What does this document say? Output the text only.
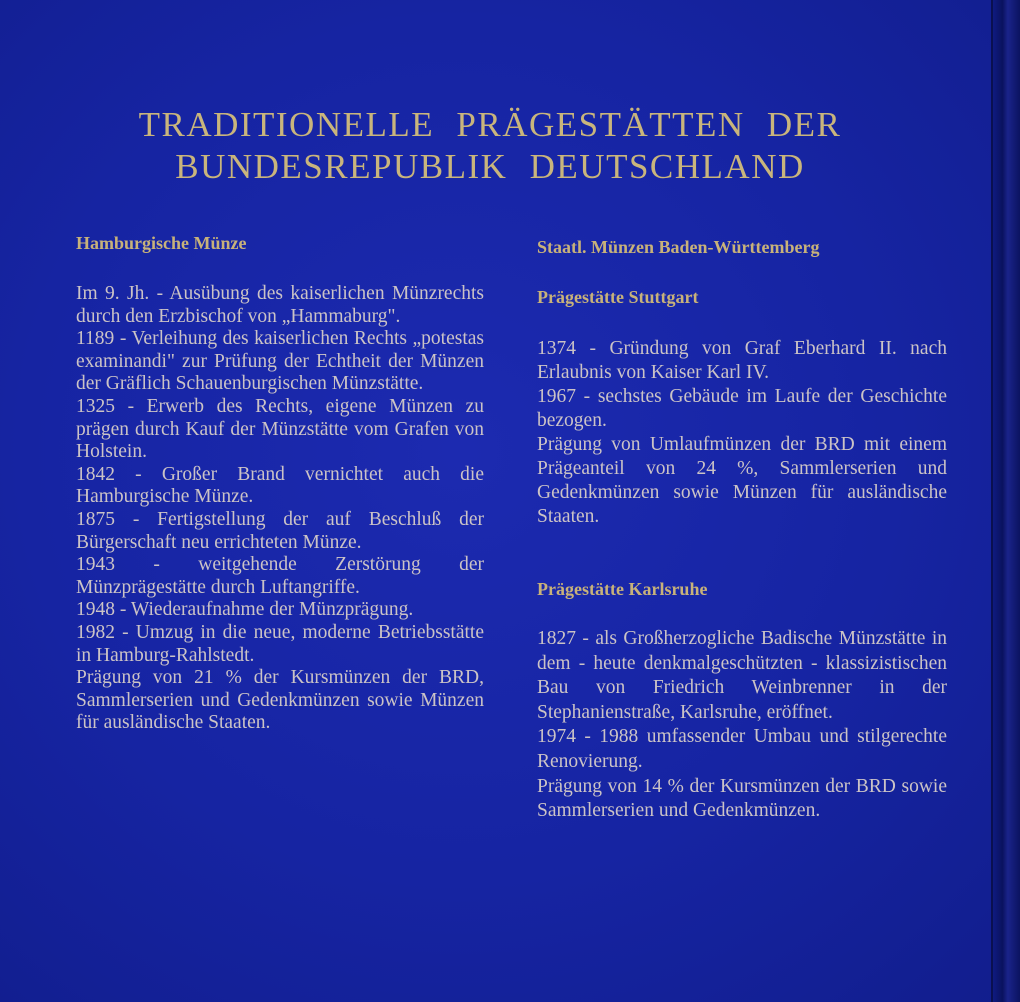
TRADITIONELLE PRÄGESTÄTTEN DER
BUNDESREPUBLIK DEUTSCHLAND
Hamburgische Münze

Im 9. Jh. - Ausübung des kaiserlichen Münzrechts durch den Erzbischof von „Hammaburg".

1189 - Verleihung des kaiserlichen Rechts „potestas examinandi" zur Prüfung der Echtheit der Münzen der Gräflich Schauenburgischen Münzstätte.

1325 - Erwerb des Rechts, eigene Münzen zu prägen durch Kauf der Münzstätte vom Grafen von Holstein.

1842 - Großer Brand vernichtet auch die Hamburgische Münze.

1875 - Fertigstellung der auf Beschluß der Bürgerschaft neu errichteten Münze.

1943 - weitgehende Zerstörung der Münzprägestätte durch Luftangriffe.

1948 - Wiederaufnahme der Münzprägung.

1982 - Umzug in die neue, moderne Betriebsstätte in Hamburg-Rahlstedt.

Prägung von 21 % der Kursmünzen der BRD, Sammlerserien und Gedenkmünzen sowie Münzen für ausländische Staaten.

Staatl. Münzen Baden-Württemberg
Prägestätte Stuttgart

1374 - Gründung von Graf Eberhard II. nach Erlaubnis von Kaiser Karl IV.

1967 - sechstes Gebäude im Laufe der Geschichte bezogen.

Prägung von Umlaufmünzen der BRD mit einem Prägeanteil von 24 %, Sammlerserien und Gedenkmünzen sowie Münzen für ausländische Staaten.

Prägestätte Karlsruhe

1827 - als Großherzogliche Badische Münzstätte in dem - heute denkmalgeschützten - klassizistischen Bau von Friedrich Weinbrenner in der Stephanienstraße, Karlsruhe, eröffnet.

1974 - 1988 umfassender Umbau und stilgerechte Renovierung.

Prägung von 14 % der Kursmünzen der BRD sowie Sammlerserien und Gedenkmünzen.
